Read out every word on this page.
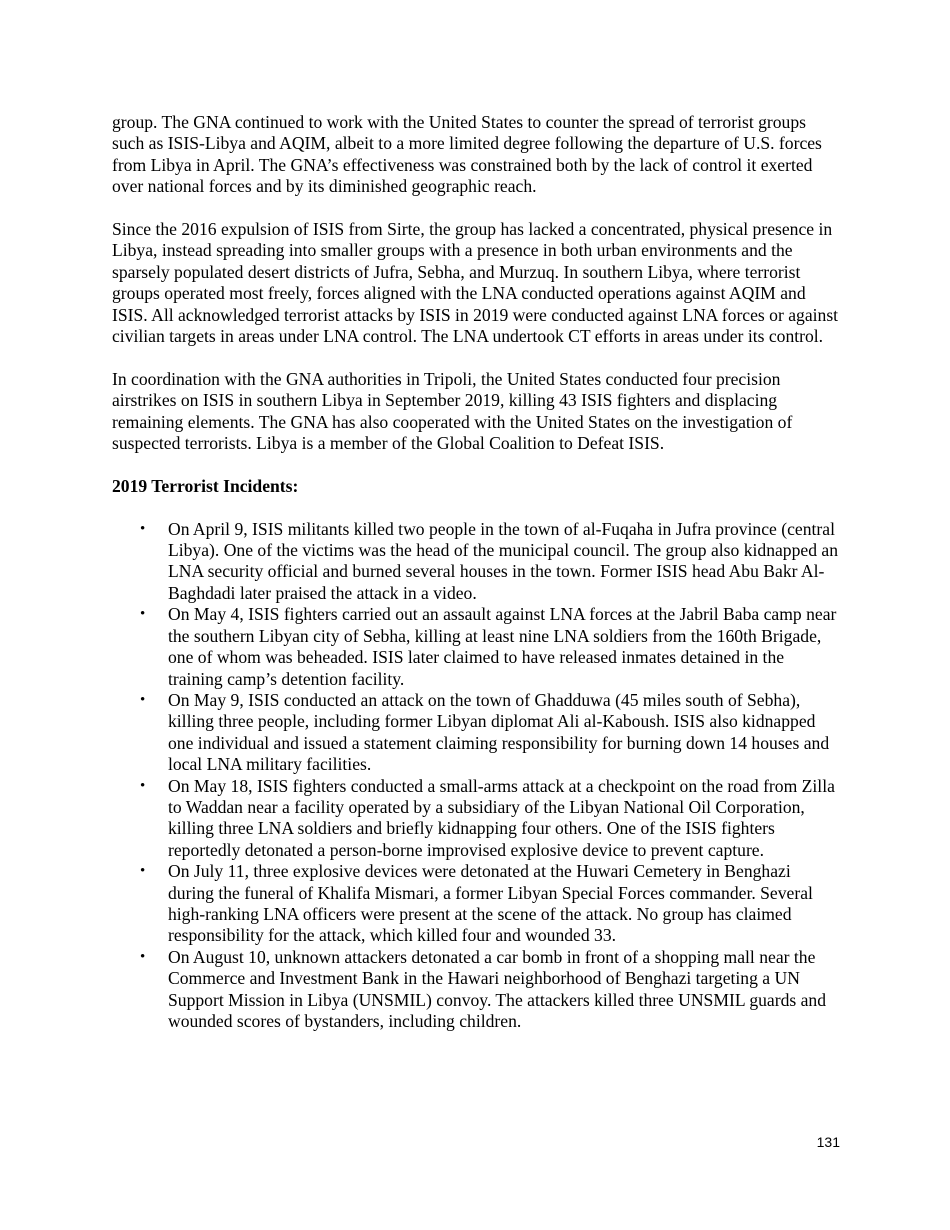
group. The GNA continued to work with the United States to counter the spread of terrorist groups such as ISIS-Libya and AQIM, albeit to a more limited degree following the departure of U.S. forces from Libya in April. The GNA’s effectiveness was constrained both by the lack of control it exerted over national forces and by its diminished geographic reach.

Since the 2016 expulsion of ISIS from Sirte, the group has lacked a concentrated, physical presence in Libya, instead spreading into smaller groups with a presence in both urban environments and the sparsely populated desert districts of Jufra, Sebha, and Murzuq. In southern Libya, where terrorist groups operated most freely, forces aligned with the LNA conducted operations against AQIM and ISIS. All acknowledged terrorist attacks by ISIS in 2019 were conducted against LNA forces or against civilian targets in areas under LNA control. The LNA undertook CT efforts in areas under its control.

In coordination with the GNA authorities in Tripoli, the United States conducted four precision airstrikes on ISIS in southern Libya in September 2019, killing 43 ISIS fighters and displacing remaining elements. The GNA has also cooperated with the United States on the investigation of suspected terrorists. Libya is a member of the Global Coalition to Defeat ISIS.

2019 Terrorist Incidents:
• On April 9, ISIS militants killed two people in the town of al-Fuqaha in Jufra province (central Libya). One of the victims was the head of the municipal council. The group also kidnapped an LNA security official and burned several houses in the town. Former ISIS head Abu Bakr Al-Baghdadi later praised the attack in a video.
• On May 4, ISIS fighters carried out an assault against LNA forces at the Jabril Baba camp near the southern Libyan city of Sebha, killing at least nine LNA soldiers from the 160th Brigade, one of whom was beheaded. ISIS later claimed to have released inmates detained in the training camp’s detention facility.
• On May 9, ISIS conducted an attack on the town of Ghadduwa (45 miles south of Sebha), killing three people, including former Libyan diplomat Ali al-Kaboush. ISIS also kidnapped one individual and issued a statement claiming responsibility for burning down 14 houses and local LNA military facilities.
• On May 18, ISIS fighters conducted a small-arms attack at a checkpoint on the road from Zilla to Waddan near a facility operated by a subsidiary of the Libyan National Oil Corporation, killing three LNA soldiers and briefly kidnapping four others. One of the ISIS fighters reportedly detonated a person-borne improvised explosive device to prevent capture.
• On July 11, three explosive devices were detonated at the Huwari Cemetery in Benghazi during the funeral of Khalifa Mismari, a former Libyan Special Forces commander. Several high-ranking LNA officers were present at the scene of the attack. No group has claimed responsibility for the attack, which killed four and wounded 33.
• On August 10, unknown attackers detonated a car bomb in front of a shopping mall near the Commerce and Investment Bank in the Hawari neighborhood of Benghazi targeting a UN Support Mission in Libya (UNSMIL) convoy. The attackers killed three UNSMIL guards and wounded scores of bystanders, including children.
131
